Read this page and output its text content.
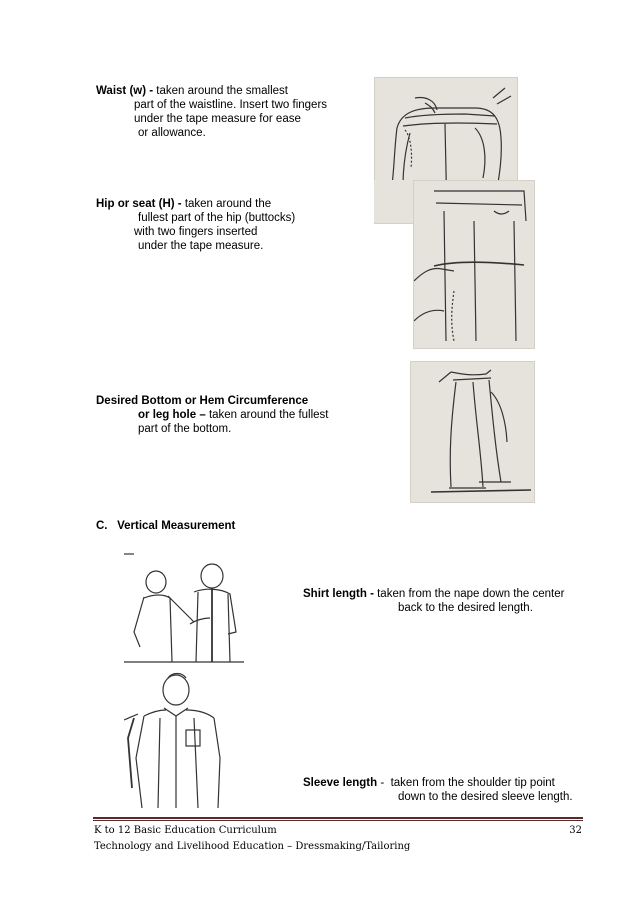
Waist (w) - taken around the smallest
part of the waistline. Insert two fingers
under the tape measure for ease
or allowance.
Hip or seat (H) - taken around the
fullest part of the hip (buttocks)
with two fingers inserted
under the tape measure.
Desired Bottom or Hem Circumference
or leg hole – taken around the fullest
part of the bottom.
C.   Vertical Measurement
Shirt length - taken from the nape down the center
back to the desired length.
Sleeve length - taken from the shoulder tip point
down to the desired sleeve length.
K to 12 Basic Education Curriculum	32
Technology and Livelihood Education – Dressmaking/Tailoring
